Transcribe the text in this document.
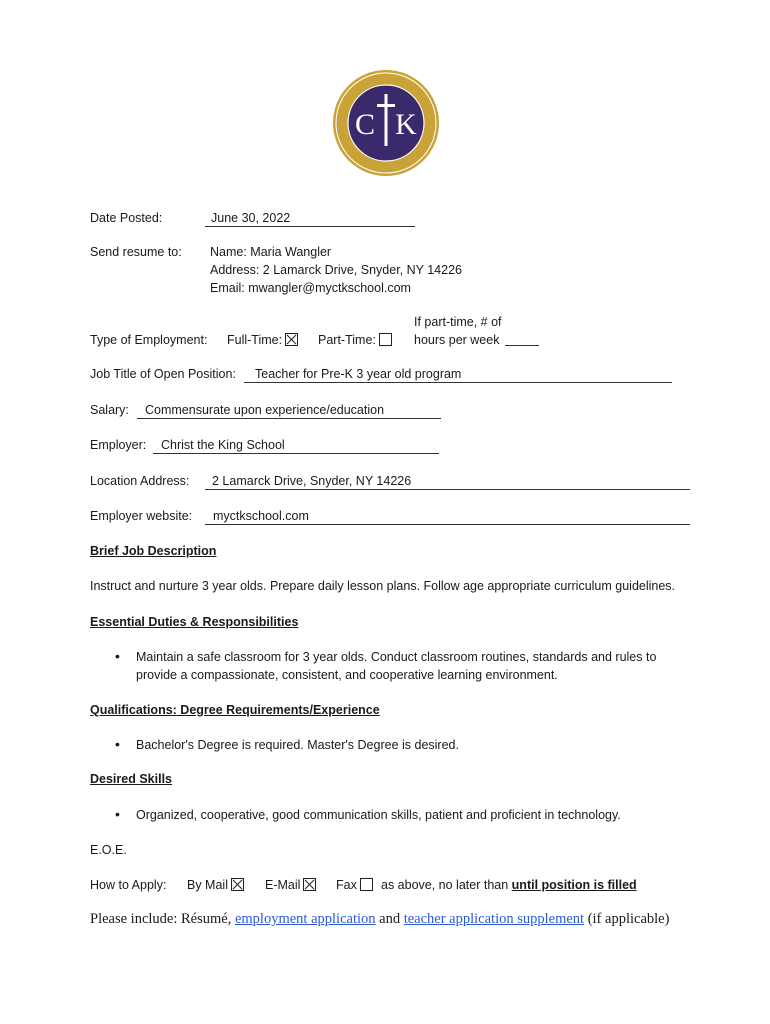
C K
Date Posted:	June 30, 2022
Send resume to: Name: Maria Wangler
Address: 2 Lamarck Drive, Snyder, NY 14226
Email: mwangler@myctkschool.com
Type of Employment: Full-Time:	Part-Time:
If part-time, # of
hours per week
Job Title of Open Position: Teacher for Pre-K 3 year old program
Salary: Commensurate upon experience/education
Employer: Christ the King School
Location Address: 2 Lamarck Drive, Snyder, NY 14226
Employer website: myctkschool.com
Brief Job Description
Instruct and nurture 3 year olds. Prepare daily lesson plans. Follow age appropriate curriculum guidelines.
Essential Duties & Responsibilities
• Maintain a safe classroom for 3 year olds. Conduct classroom routines, standards and rules to
provide a compassionate, consistent, and cooperative learning environment.
Qualifications: Degree Requirements/Experience
• Bachelor's Degree is required. Master's Degree is desired.
Desired Skills
• Organized, cooperative, good communication skills, patient and proficient in technology.
E.O.E.
How to Apply: By Mail	E-Mail	Fax	as above, no later than until position is filled
Please include: Résumé, employment application and teacher application supplement (if applicable)
